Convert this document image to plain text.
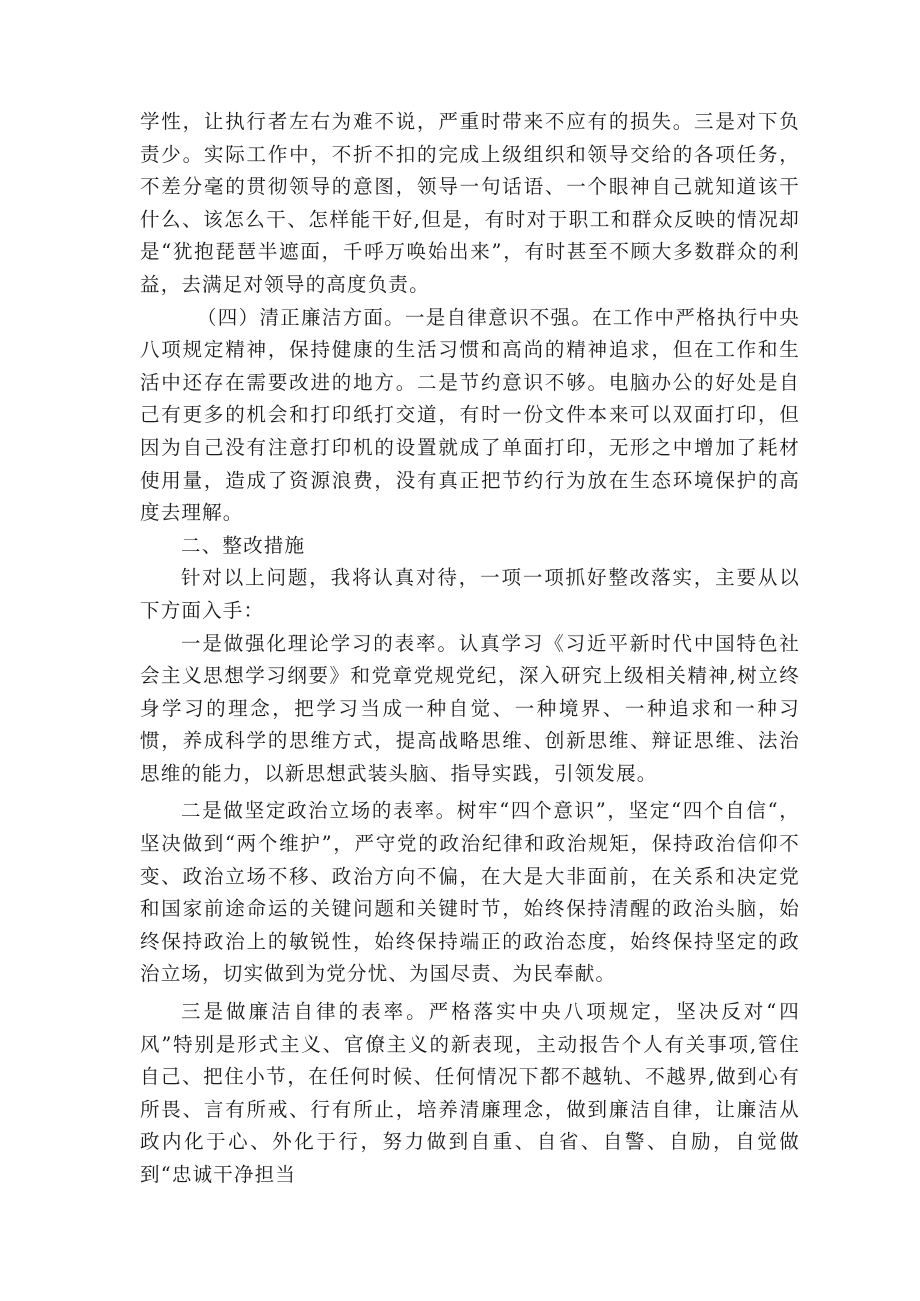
学性，让执行者左右为难不说，严重时带来不应有的损失。三是对下负责少。实际工作中，不折不扣的完成上级组织和领导交给的各项任务，不差分毫的贯彻领导的意图，领导一句话语、一个眼神自己就知道该干什么、该怎么干、怎样能干好,但是，有时对于职工和群众反映的情况却是“犹抱琵琶半遮面，千呼万唤始出来”，有时甚至不顾大多数群众的利益，去满足对领导的高度负责。

（四）清正廉洁方面。一是自律意识不强。在工作中严格执行中央八项规定精神，保持健康的生活习惯和高尚的精神追求，但在工作和生活中还存在需要改进的地方。二是节约意识不够。电脑办公的好处是自己有更多的机会和打印纸打交道，有时一份文件本来可以双面打印，但因为自己没有注意打印机的设置就成了单面打印，无形之中增加了耗材使用量，造成了资源浪费，没有真正把节约行为放在生态环境保护的高度去理解。

二、整改措施

针对以上问题，我将认真对待，一项一项抓好整改落实，主要从以下方面入手：

一是做强化理论学习的表率。认真学习《习近平新时代中国特色社会主义思想学习纲要》和党章党规党纪，深入研究上级相关精神,树立终身学习的理念，把学习当成一种自觉、一种境界、一种追求和一种习惯，养成科学的思维方式，提高战略思维、创新思维、辩证思维、法治思维的能力，以新思想武装头脑、指导实践，引领发展。

二是做坚定政治立场的表率。树牢“四个意识”，坚定“四个自信“，坚决做到“两个维护”，严守党的政治纪律和政治规矩，保持政治信仰不变、政治立场不移、政治方向不偏，在大是大非面前，在关系和决定党和国家前途命运的关键问题和关键时节，始终保持清醒的政治头脑，始终保持政治上的敏锐性，始终保持端正的政治态度，始终保持坚定的政治立场，切实做到为党分忧、为国尽责、为民奉献。

三是做廉洁自律的表率。严格落实中央八项规定，坚决反对“四风”特别是形式主义、官僚主义的新表现，主动报告个人有关事项,管住自己、把住小节，在任何时候、任何情况下都不越轨、不越界,做到心有所畏、言有所戒、行有所止，培养清廉理念，做到廉洁自律，让廉洁从政内化于心、外化于行，努力做到自重、自省、自警、自励，自觉做到“忠诚干净担当
